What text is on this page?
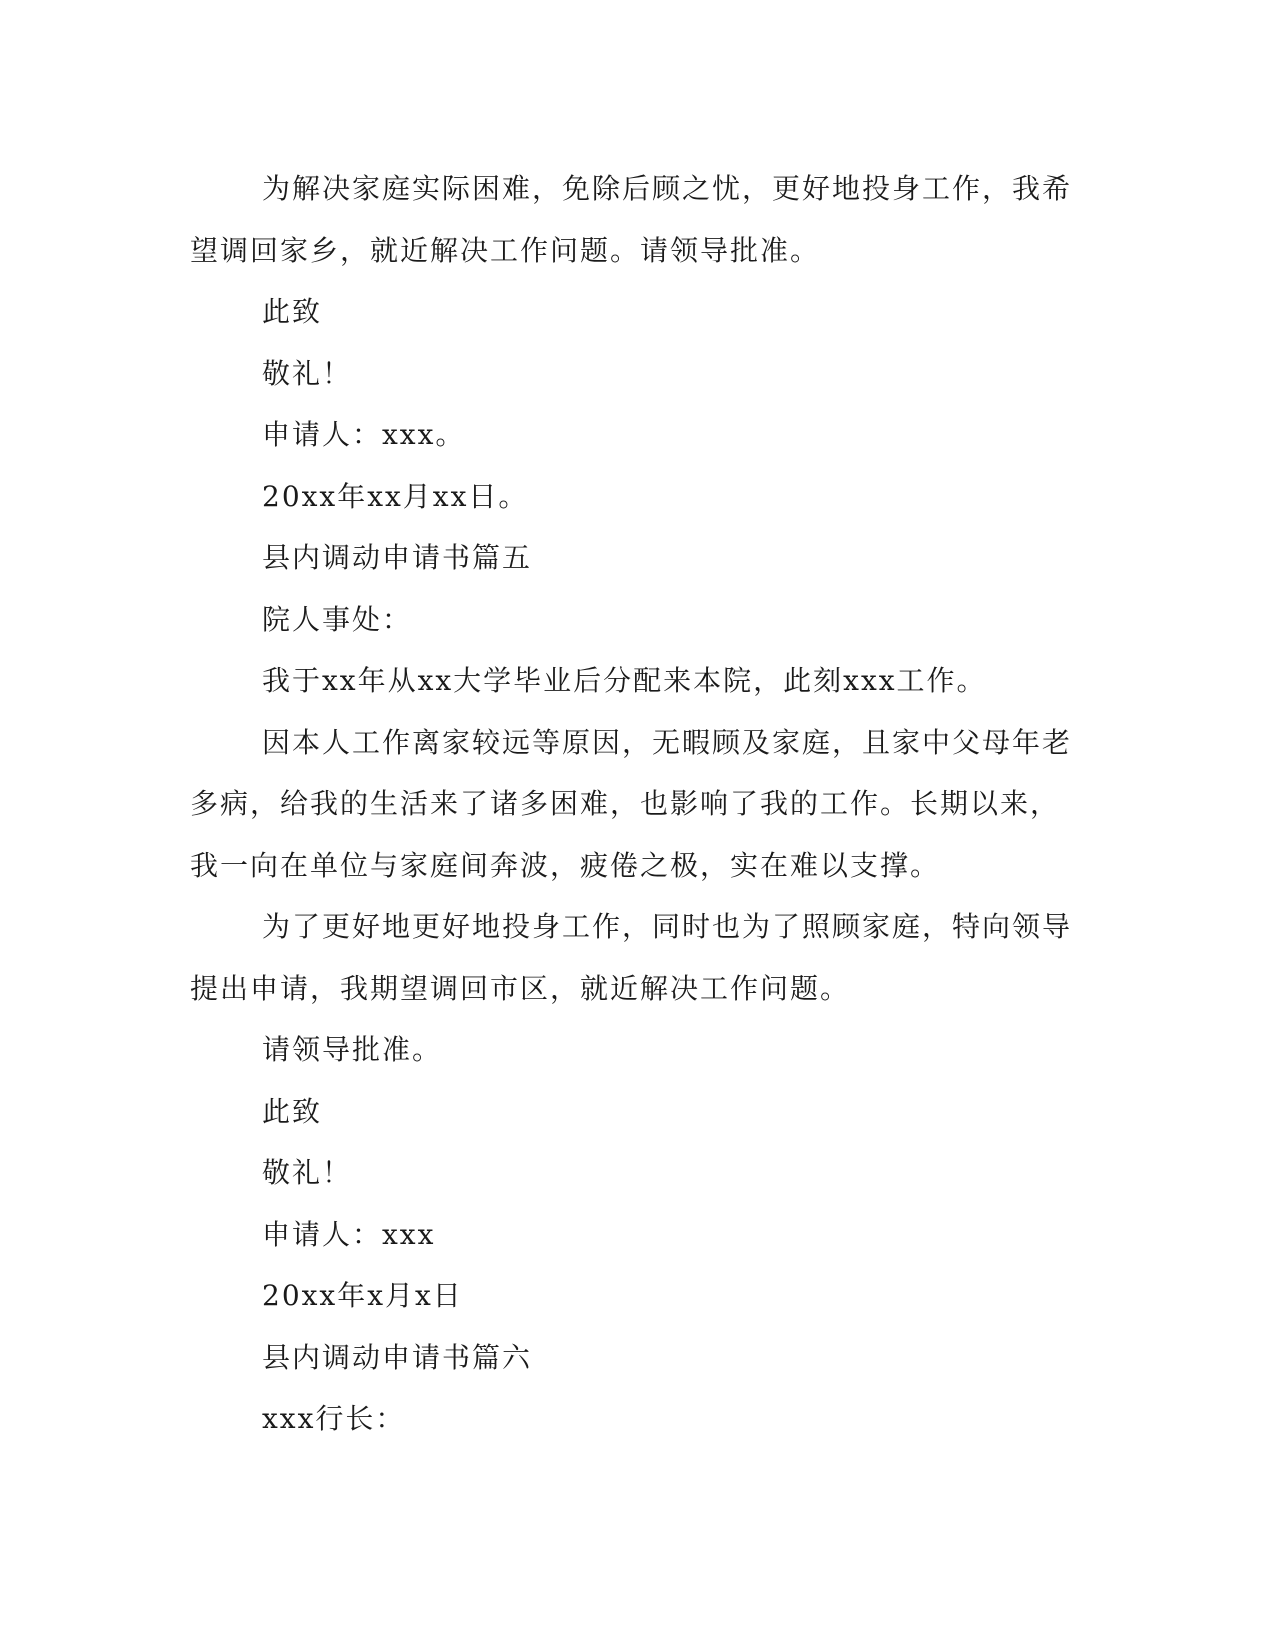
为解决家庭实际困难，免除后顾之忧，更好地投身工作，我希望调回家乡，就近解决工作问题。请领导批准。

此致

敬礼！

申请人：xxx。

20xx年xx月xx日。

县内调动申请书篇五

院人事处：

我于xx年从xx大学毕业后分配来本院，此刻xxx工作。

因本人工作离家较远等原因，无暇顾及家庭，且家中父母年老多病，给我的生活来了诸多困难，也影响了我的工作。长期以来，我一向在单位与家庭间奔波，疲倦之极，实在难以支撑。

为了更好地更好地投身工作，同时也为了照顾家庭，特向领导提出申请，我期望调回市区，就近解决工作问题。

请领导批准。

此致

敬礼！

申请人：xxx

20xx年x月x日

县内调动申请书篇六

xxx行长：
